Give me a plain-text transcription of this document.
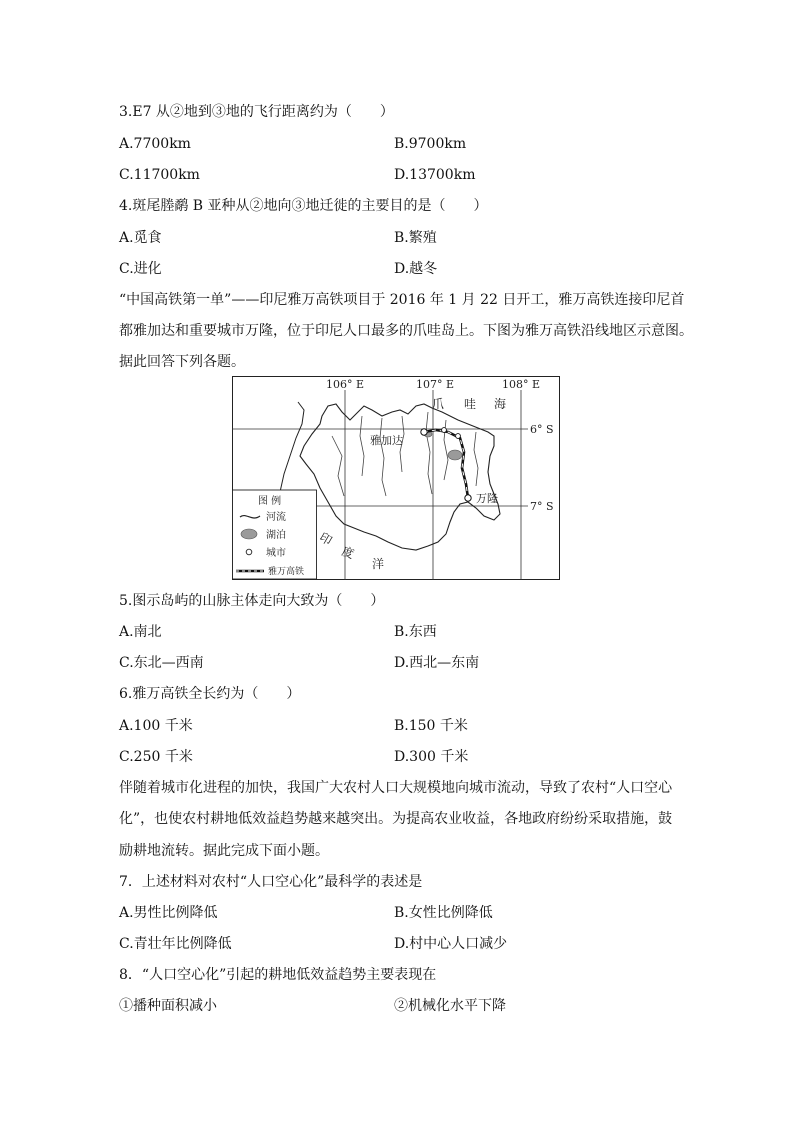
3.E7 从②地到③地的飞行距离约为（　　）
A.7700km	B.9700km
C.11700km	D.13700km
4.斑尾塍鹬 B 亚种从②地向③地迁徙的主要目的是（　　）
A.觅食	B.繁殖
C.进化	D.越冬
“中国高铁第一单”——印尼雅万高铁项目于 2016 年 1 月 22 日开工，雅万高铁连接印尼首
都雅加达和重要城市万隆，位于印尼人口最多的爪哇岛上。下图为雅万高铁沿线地区示意图。
据此回答下列各题。
106° E	107° E	108° E
6° S
7° S
爪 哇 海
印
度
洋
雅加达
万隆
图 例
河流
湖泊
城市
雅万高铁
5.图示岛屿的山脉主体走向大致为（　　）
A.南北	B.东西
C.东北—西南	D.西北—东南
6.雅万高铁全长约为（　　）
A.100 千米	B.150 千米
C.250 千米	D.300 千米
伴随着城市化进程的加快，我国广大农村人口大规模地向城市流动，导致了农村“人口空心
化”，也使农村耕地低效益趋势越来越突出。为提高农业收益，各地政府纷纷采取措施，鼓
励耕地流转。据此完成下面小题。
7．上述材料对农村“人口空心化”最科学的表述是
A.男性比例降低	B.女性比例降低
C.青壮年比例降低	D.村中心人口减少
8．“人口空心化”引起的耕地低效益趋势主要表现在
①播种面积减小	②机械化水平下降
